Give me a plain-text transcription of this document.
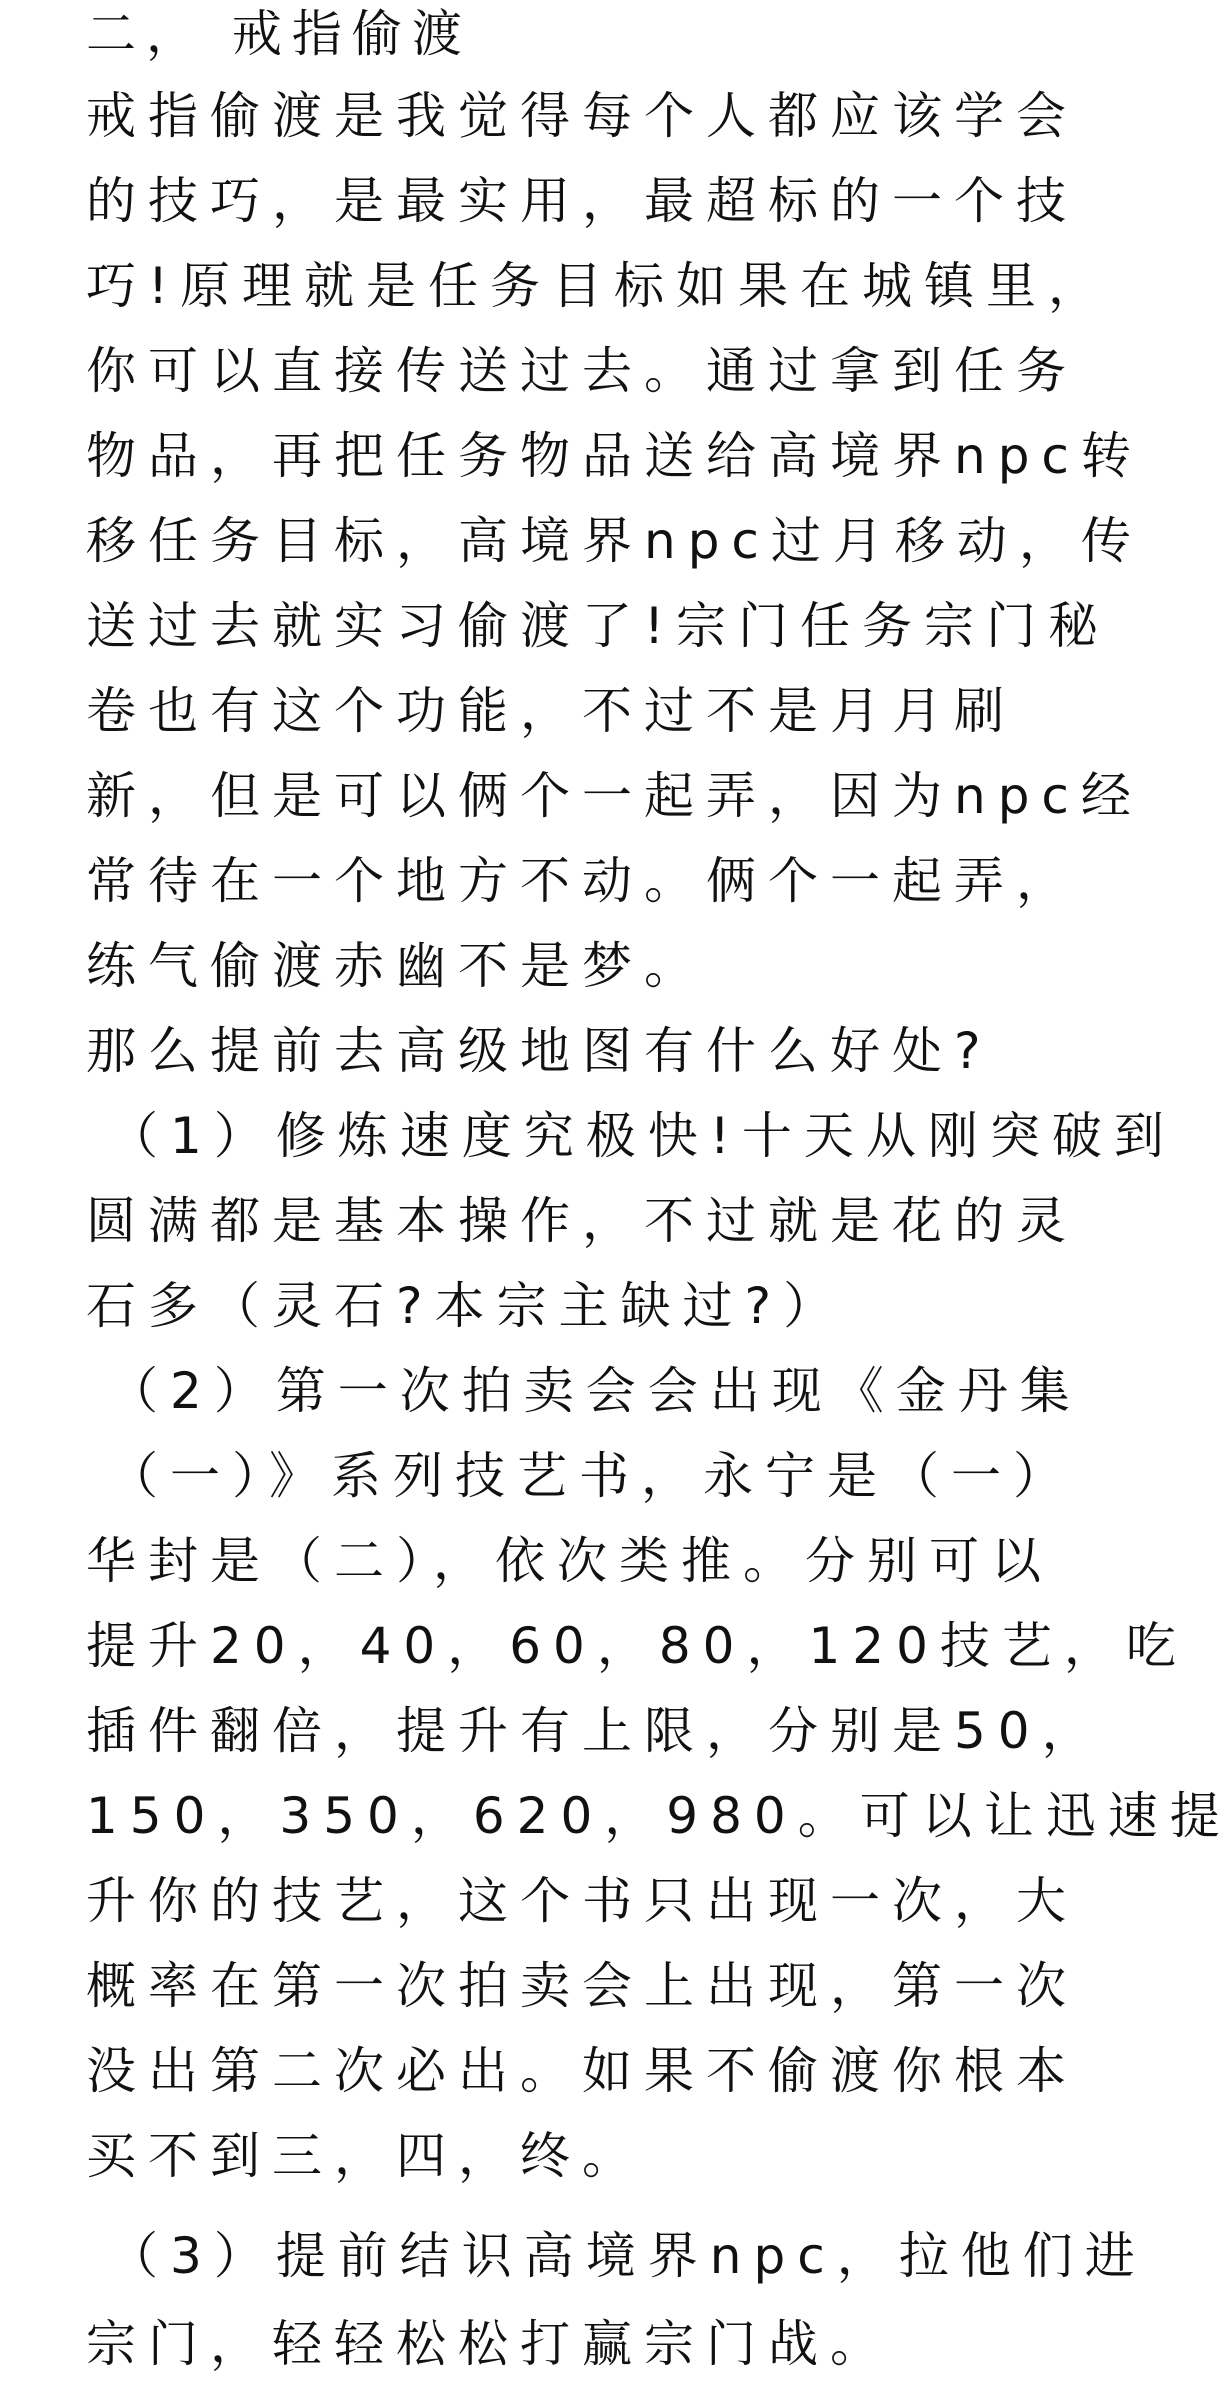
二， 戒指偷渡
戒指偷渡是我觉得每个人都应该学会
的技巧，是最实用，最超标的一个技
巧!原理就是任务目标如果在城镇里，
你可以直接传送过去。通过拿到任务
物品，再把任务物品送给高境界npc转
移任务目标，高境界npc过月移动，传
送过去就实习偷渡了!宗门任务宗门秘
卷也有这个功能，不过不是月月刷
新，但是可以俩个一起弄，因为npc经
常待在一个地方不动。俩个一起弄，
练气偷渡赤幽不是梦。
那么提前去高级地图有什么好处?
（1）修炼速度究极快!十天从刚突破到
圆满都是基本操作，不过就是花的灵
石多（灵石?本宗主缺过?）
（2）第一次拍卖会会出现《金丹集
（一）》系列技艺书，永宁是（一）
华封是（二），依次类推。分别可以
提升20，40，60，80，120技艺，吃
插件翻倍，提升有上限，分别是50，
150，350，620，980。可以让迅速提
升你的技艺，这个书只出现一次，大
概率在第一次拍卖会上出现，第一次
没出第二次必出。如果不偷渡你根本
买不到三，四，终。
（3）提前结识高境界npc，拉他们进
宗门，轻轻松松打赢宗门战。
